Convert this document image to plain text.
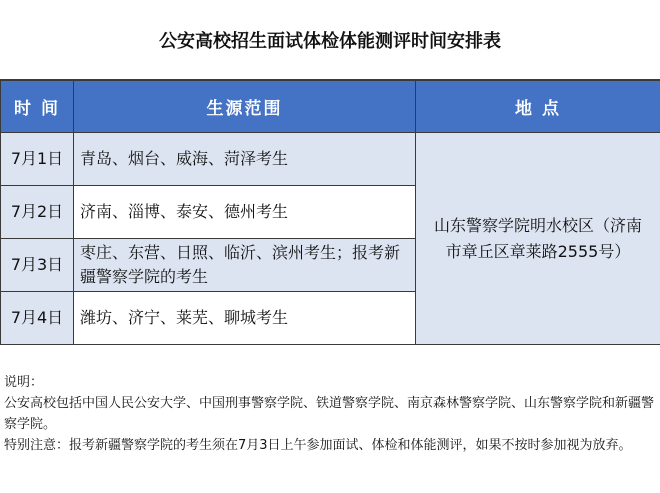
公安高校招生面试体检体能测评时间安排表
时 间	生源范围	地 点
7月1日	青岛、烟台、威海、菏泽考生	山东警察学院明水校区（济南市章丘区章莱路2555号）
7月2日	济南、淄博、泰安、德州考生	
7月3日	枣庄、东营、日照、临沂、滨州考生；报考新疆警察学院的考生	
7月4日	潍坊、济宁、莱芜、聊城考生	

说明：

公安高校包括中国人民公安大学、中国刑事警察学院、铁道警察学院、南京森林警察学院、山东警察学院和新疆警察学院。

特别注意：报考新疆警察学院的考生须在7月3日上午参加面试、体检和体能测评，如果不按时参加视为放弃。
